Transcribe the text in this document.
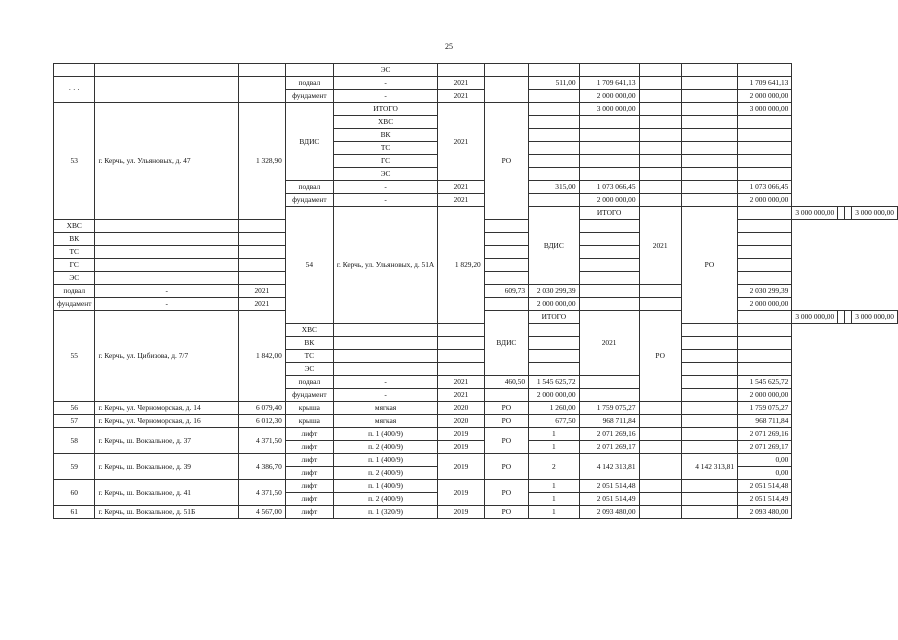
25
				ЭС											
· · ·			подвал	-	2021		511,00	1 709 641,13			1 709 641,13				
			фундамент	-	2021			2 000 000,00			2 000 000,00				
53	г. Керчь, ул. Ульяновых, д. 47	1 328,90	ВДИС	ИТОГО	2021	РО		3 000 000,00			3 000 000,00				
				ХВС											
				ВК											
				ТС											
				ГС											
				ЭС											
			подвал	-	2021		315,00	1 073 066,45			1 073 066,45				
			фундамент	-	2021			2 000 000,00			2 000 000,00				
			54	г. Керчь, ул. Ульяновых, д. 51А	1 829,20		ВДИС	ИТОГО	2021	РО		3 000 000,00			3 000 000,00
ХВС															
ВК															
ТС															
ГС															
ЭС															
подвал	-	2021				609,73	2 030 299,39				2 030 299,39				
фундамент	-	2021					2 000 000,00				2 000 000,00				
55	г. Керчь, ул. Цибизова, д. 7/7	1 842,00				ВДИС	ИТОГО	2021	РО			3 000 000,00			3 000 000,00
			ХВС												
			ВК												
			ТС												
			ЭС												
			подвал	-	2021	460,50	1 545 625,72				1 545 625,72				
			фундамент	-	2021		2 000 000,00				2 000 000,00				
56	г. Керчь, ул. Черноморская, д. 14	6 079,40	крыша	мягкая	2020	РО	1 260,00	1 759 075,27			1 759 075,27				
57	г. Керчь, ул. Черноморская, д. 16	6 012,30	крыша	мягкая	2020	РО	677,50	968 711,84			968 711,84				
58	г. Керчь, ш. Вокзальное, д. 37	4 371,50	лифт	п. 1 (400/9)	2019	РО	1	2 071 269,16			2 071 269,16				
			лифт	п. 2 (400/9)	2019		1	2 071 269,17			2 071 269,17				
59	г. Керчь, ш. Вокзальное, д. 39	4 386,70	лифт	п. 1 (400/9)	2019	РО	2	4 142 313,81		4 142 313,81	0,00				
			лифт	п. 2 (400/9)							0,00				
60	г. Керчь, ш. Вокзальное, д. 41	4 371,50	лифт	п. 1 (400/9)	2019	РО	1	2 051 514,48			2 051 514,48				
			лифт	п. 2 (400/9)			1	2 051 514,49			2 051 514,49				
61	г. Керчь, ш. Вокзальное, д. 51Б	4 567,00	лифт	п. 1 (320/9)	2019	РО	1	2 093 480,00			2 093 480,00				
